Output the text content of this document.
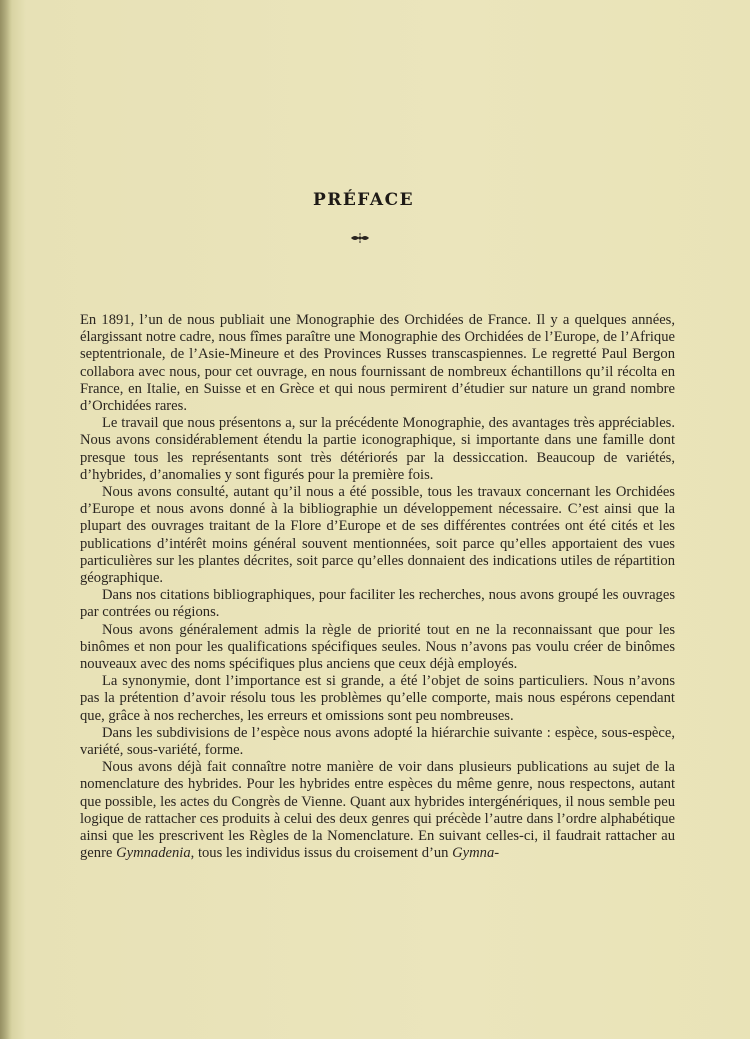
PRÉFACE

En 1891, l’un de nous publiait une Monographie des Orchidées de France. Il y a quelques années, élargissant notre cadre, nous fîmes paraître une Monographie des Orchidées de l’Europe, de l’Afrique septentrionale, de l’Asie-Mineure et des Provinces Russes transcaspiennes. Le regretté Paul Bergon collabora avec nous, pour cet ouvrage, en nous fournissant de nombreux échantillons qu’il récolta en France, en Italie, en Suisse et en Grèce et qui nous permirent d’étudier sur nature un grand nombre d’Orchidées rares.

Le travail que nous présentons a, sur la précédente Monographie, des avantages très appréciables. Nous avons considérablement étendu la partie iconographique, si importante dans une famille dont presque tous les représentants sont très détériorés par la dessiccation. Beaucoup de variétés, d’hybrides, d’anomalies y sont figurés pour la première fois.

Nous avons consulté, autant qu’il nous a été possible, tous les travaux concernant les Orchidées d’Europe et nous avons donné à la bibliographie un développement nécessaire. C’est ainsi que la plupart des ouvrages traitant de la Flore d’Europe et de ses différentes contrées ont été cités et les publications d’intérêt moins général souvent mentionnées, soit parce qu’elles apportaient des vues particulières sur les plantes décrites, soit parce qu’elles donnaient des indications utiles de répartition géographique.

Dans nos citations bibliographiques, pour faciliter les recherches, nous avons groupé les ouvrages par contrées ou régions.

Nous avons généralement admis la règle de priorité tout en ne la reconnaissant que pour les binômes et non pour les qualifications spécifiques seules. Nous n’avons pas voulu créer de binômes nouveaux avec des noms spécifiques plus anciens que ceux déjà employés.

La synonymie, dont l’importance est si grande, a été l’objet de soins particuliers. Nous n’avons pas la prétention d’avoir résolu tous les problèmes qu’elle comporte, mais nous espérons cependant que, grâce à nos recherches, les erreurs et omissions sont peu nombreuses.

Dans les subdivisions de l’espèce nous avons adopté la hiérarchie suivante : espèce, sous-espèce, variété, sous-variété, forme.

Nous avons déjà fait connaître notre manière de voir dans plusieurs publications au sujet de la nomenclature des hybrides. Pour les hybrides entre espèces du même genre, nous respectons, autant que possible, les actes du Congrès de Vienne. Quant aux hybrides intergénériques, il nous semble peu logique de rattacher ces produits à celui des deux genres qui précède l’autre dans l’ordre alphabétique ainsi que les prescrivent les Règles de la Nomenclature. En suivant celles-ci, il faudrait rattacher au genre Gymnadenia, tous les individus issus du croisement d’un Gymna-
